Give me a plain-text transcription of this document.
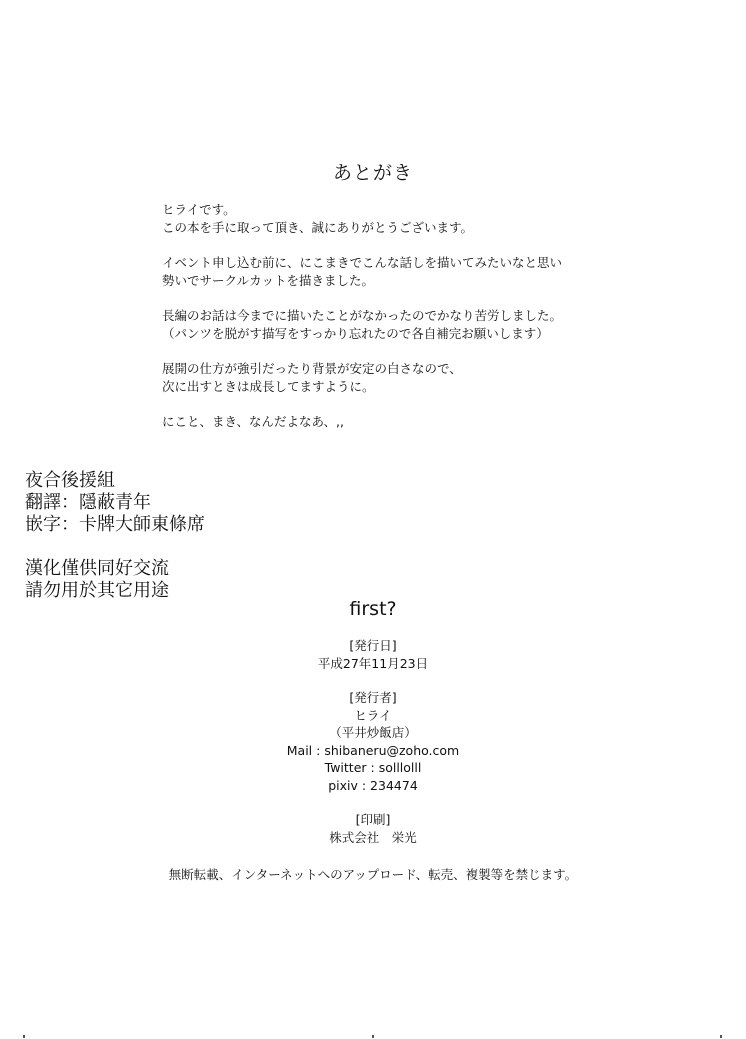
あとがき
ヒライです。
この本を手に取って頂き、誠にありがとうございます。
イベント申し込む前に、にこまきでこんな話しを描いてみたいなと思い
勢いでサークルカットを描きました。
長編のお話は今までに描いたことがなかったのでかなり苦労しました。
（パンツを脱がす描写をすっかり忘れたので各自補完お願いします）
展開の仕方が強引だったり背景が安定の白さなので、
次に出すときは成長してますように。
にこと、まき、なんだよなあ、,,
夜合後援組
翻譯：隱蔽青年
嵌字：卡牌大師東條席
漢化僅供同好交流
請勿用於其它用途
first?
[発行日]
平成27年11月23日
[発行者]
ヒライ
（平井炒飯店）
Mail : shibaneru@zoho.com
Twitter : solllolll
pixiv : 234474
[印刷]
株式会社　栄光
無断転載、インターネットへのアップロード、転売、複製等を禁じます。
